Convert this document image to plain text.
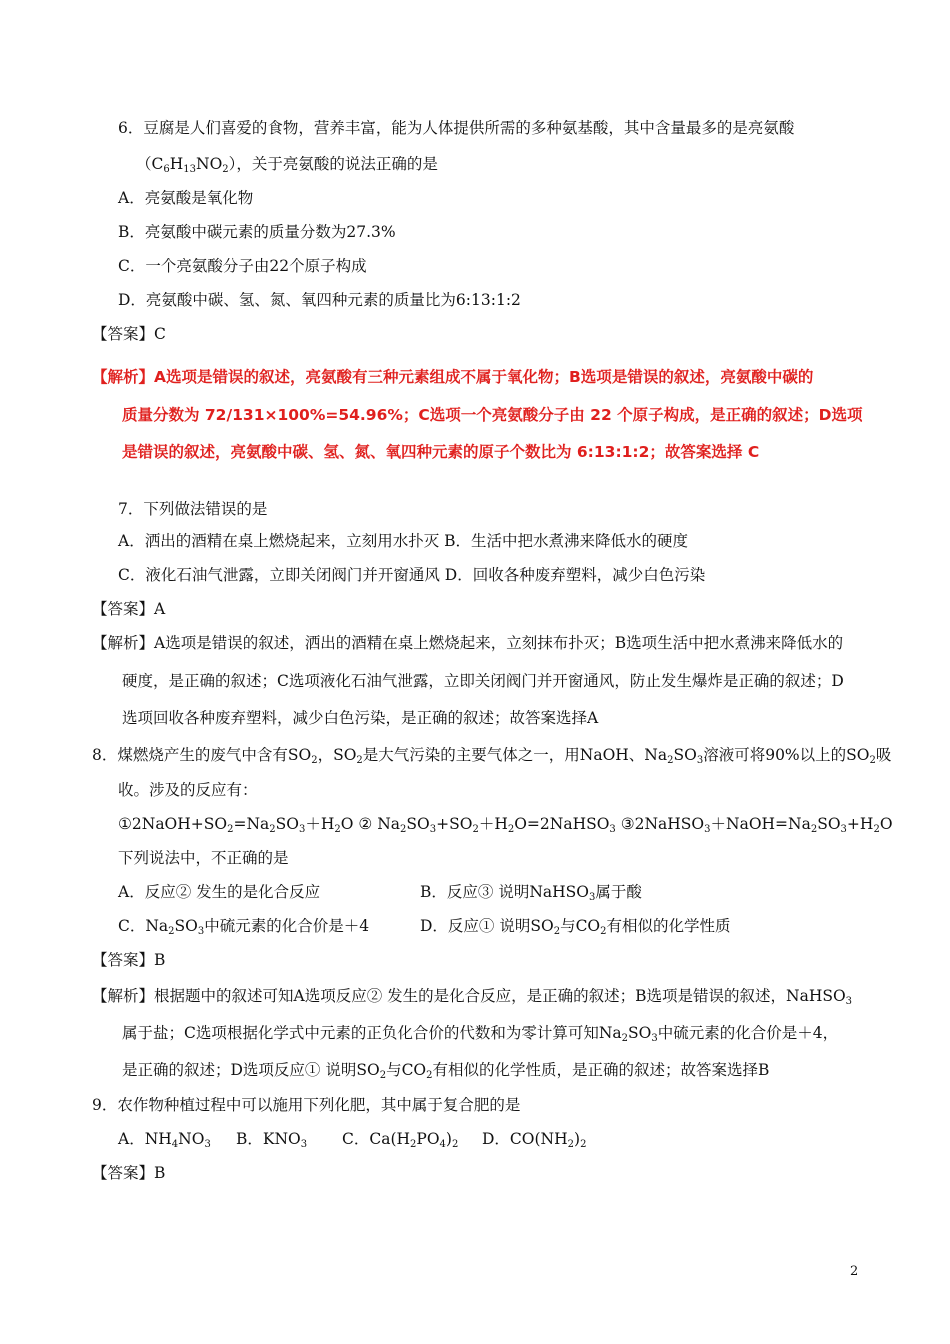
6．豆腐是人们喜爱的食物，营养丰富，能为人体提供所需的多种氨基酸，其中含量最多的是亮氨酸
$(C_6H_{13}NO_2)$，关于亮氨酸的说法正确的是
A．亮氨酸是氧化物
B．亮氨酸中碳元素的质量分数为27.3%
C．一个亮氨酸分子由22个原子构成
D．亮氨酸中碳、氢、氮、氧四种元素的质量比为6:13:1:2
【答案】C
【解析】A选项是错误的叙述，亮氨酸有三种元素组成不属于氧化物；B选项是错误的叙述，亮氨酸中碳的
质量分数为 72/131×100%=54.96%；C选项一个亮氨酸分子由 22 个原子构成，是正确的叙述；D选项
是错误的叙述，亮氨酸中碳、氢、氮、氧四种元素的原子个数比为 6:13:1:2；故答案选择 C
7．下列做法错误的是
A．洒出的酒精在桌上燃烧起来，立刻用水扑灭 B．生活中把水煮沸来降低水的硬度
C．液化石油气泄露，立即关闭阀门并开窗通风 D．回收各种废弃塑料，减少白色污染
【答案】A
【解析】A选项是错误的叙述，洒出的酒精在桌上燃烧起来，立刻抹布扑灭；B选项生活中把水煮沸来降低水的
硬度，是正确的叙述；C选项液化石油气泄露，立即关闭阀门并开窗通风，防止发生爆炸是正确的叙述；D
选项回收各种废弃塑料，减少白色污染，是正确的叙述；故答案选择A
8．煤燃烧产生的废气中含有$SO_2$，$SO_2$是大气污染的主要气体之一，用NaOH、$Na_2SO_3$溶液可将90%以上的$SO_2$吸
收。涉及的反应有：
$①2NaOH+SO_2=Na_2SO_3+H_2O$ ② $Na_2SO_3+SO_2+H_2O=2NaHSO_3$ $③2NaHSO_3+NaOH=Na_2SO_3+H_2O$
下列说法中，不正确的是
A．反应② 发生的是化合反应	B．反应③ 说明NaHSO$_3$属于酸
C．$Na_2SO_3$中硫元素的化合价是＋4	D．反应① 说明$SO_2$与$CO_2$有相似的化学性质
【答案】B
【解析】根据题中的叙述可知A选项反应② 发生的是化合反应，是正确的叙述；B选项是错误的叙述，NaHSO$_3$
属于盐；C选项根据化学式中元素的正负化合价的代数和为零计算可知$Na_2SO_3$中硫元素的化合价是＋4，
是正确的叙述；D选项反应① 说明$SO_2$与$CO_2$有相似的化学性质，是正确的叙述；故答案选择B
9．农作物种植过程中可以施用下列化肥，其中属于复合肥的是
A．$NH_4NO_3$ B．$KNO_3$ C．$Ca(H_2PO_4)_2$ D．$CO(NH_2)_2$
【答案】B
2
